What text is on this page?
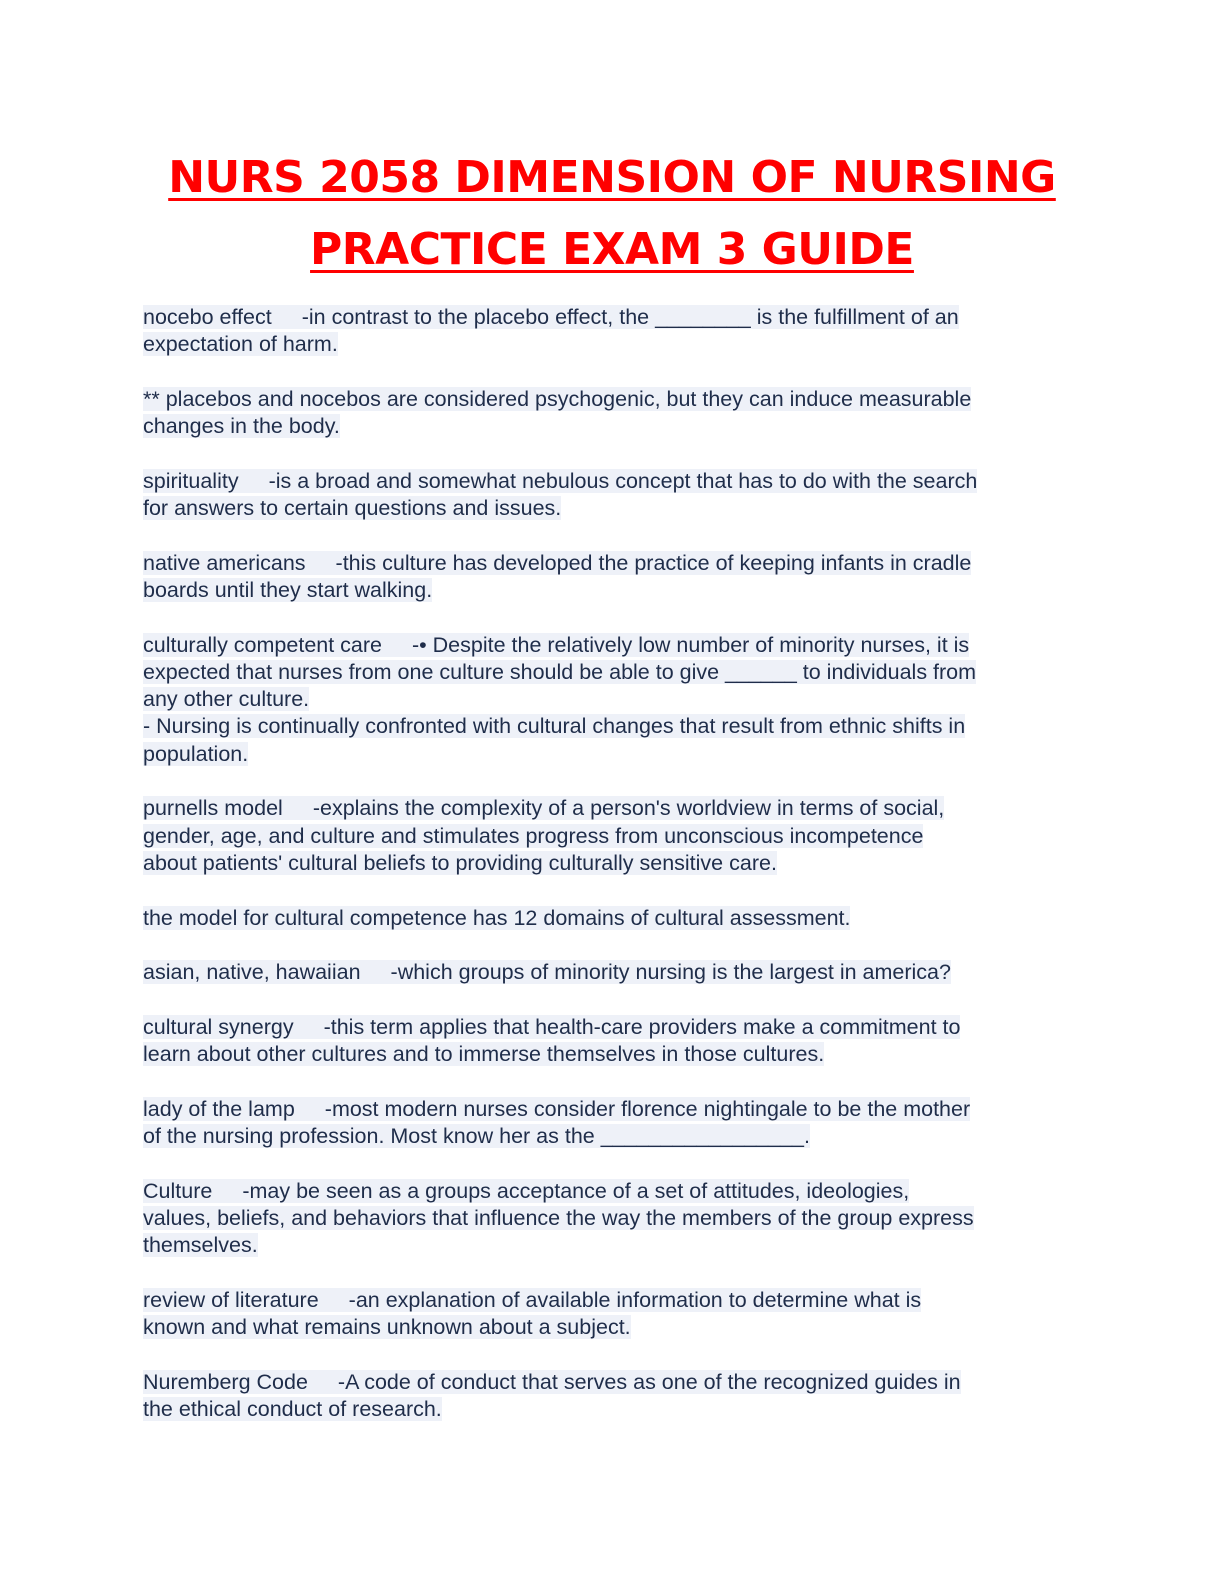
NURS 2058 DIMENSION OF NURSING
PRACTICE EXAM 3 GUIDE
nocebo effect -in contrast to the placebo effect, the ________ is the fulfillment of an
expectation of harm.
** placebos and nocebos are considered psychogenic, but they can induce measurable
changes in the body.
spirituality -is a broad and somewhat nebulous concept that has to do with the search
for answers to certain questions and issues.
native americans -this culture has developed the practice of keeping infants in cradle
boards until they start walking.
culturally competent care -• Despite the relatively low number of minority nurses, it is
expected that nurses from one culture should be able to give ______ to individuals from
any other culture.
- Nursing is continually confronted with cultural changes that result from ethnic shifts in
population.
purnells model -explains the complexity of a person's worldview in terms of social,
gender, age, and culture and stimulates progress from unconscious incompetence
about patients' cultural beliefs to providing culturally sensitive care.
the model for cultural competence has 12 domains of cultural assessment.
asian, native, hawaiian -which groups of minority nursing is the largest in america?
cultural synergy -this term applies that health-care providers make a commitment to
learn about other cultures and to immerse themselves in those cultures.
lady of the lamp -most modern nurses consider florence nightingale to be the mother
of the nursing profession. Most know her as the _________________.
Culture -may be seen as a groups acceptance of a set of attitudes, ideologies,
values, beliefs, and behaviors that influence the way the members of the group express
themselves.
review of literature -an explanation of available information to determine what is
known and what remains unknown about a subject.
Nuremberg Code -A code of conduct that serves as one of the recognized guides in
the ethical conduct of research.
